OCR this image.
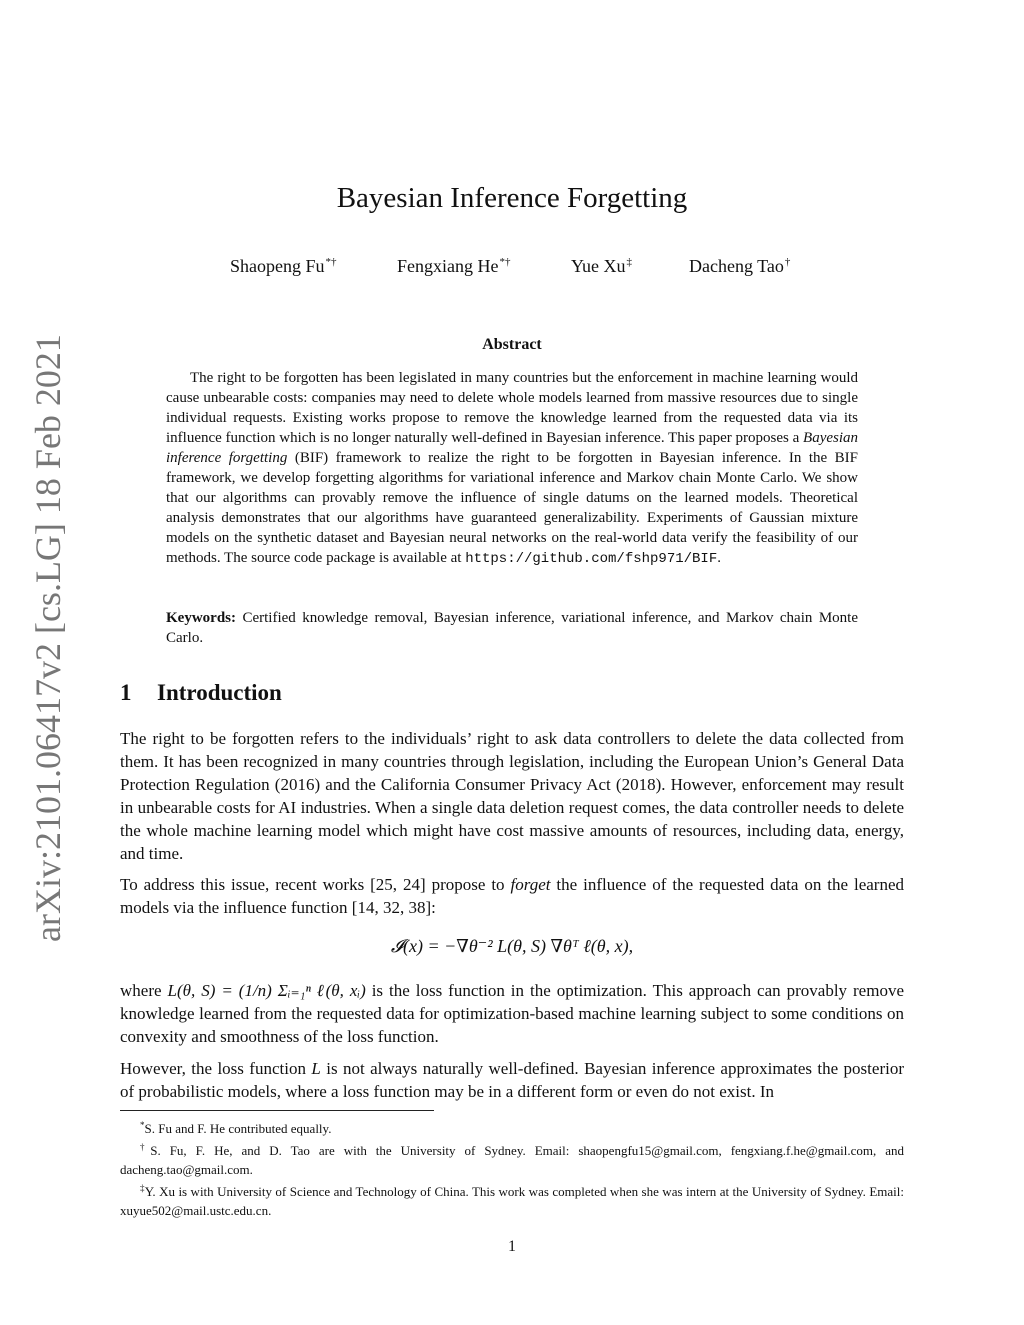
arXiv:2101.06417v2 [cs.LG] 18 Feb 2021
Bayesian Inference Forgetting
Shaopeng Fu*†	Fengxiang He*†	Yue Xu‡	Dacheng Tao†
Abstract

The right to be forgotten has been legislated in many countries but the enforcement in machine learning would cause unbearable costs: companies may need to delete whole models learned from massive resources due to single individual requests. Existing works propose to remove the knowledge learned from the requested data via its influence function which is no longer naturally well-defined in Bayesian inference. This paper proposes a Bayesian inference forgetting (BIF) framework to realize the right to be forgotten in Bayesian inference. In the BIF framework, we develop forgetting algorithms for variational inference and Markov chain Monte Carlo. We show that our algorithms can provably remove the influence of single datums on the learned models. Theoretical analysis demonstrates that our algorithms have guaranteed generalizability. Experiments of Gaussian mixture models on the synthetic dataset and Bayesian neural networks on the real-world data verify the feasibility of our methods. The source code package is available at https://github.com/fshp971/BIF.

Keywords: Certified knowledge removal, Bayesian inference, variational inference, and Markov chain Monte Carlo.
1 Introduction

The right to be forgotten refers to the individuals’ right to ask data controllers to delete the data collected from them. It has been recognized in many countries through legislation, including the European Union’s General Data Protection Regulation (2016) and the California Consumer Privacy Act (2018). However, enforcement may result in unbearable costs for AI industries. When a single data deletion request comes, the data controller needs to delete the whole machine learning model which might have cost massive amounts of resources, including data, energy, and time.

To address this issue, recent works [25, 24] propose to forget the influence of the requested data on the learned models via the influence function [14, 32, 38]:

𝓘(x) = −∇θ⁻² L(θ, S) ∇θᵀ ℓ(θ, x),

where L(θ, S) = (1/n) Σᵢ₌₁ⁿ ℓ(θ, xᵢ) is the loss function in the optimization. This approach can provably remove knowledge learned from the requested data for optimization-based machine learning subject to some conditions on convexity and smoothness of the loss function.

However, the loss function L is not always naturally well-defined. Bayesian inference approximates the posterior of probabilistic models, where a loss function may be in a different form or even do not exist. In

*S. Fu and F. He contributed equally.

†S. Fu, F. He, and D. Tao are with the University of Sydney. Email: shaopengfu15@gmail.com, fengxiang.f.he@gmail.com, and dacheng.tao@gmail.com.

‡Y. Xu is with University of Science and Technology of China. This work was completed when she was intern at the University of Sydney. Email: xuyue502@mail.ustc.edu.cn.

1
